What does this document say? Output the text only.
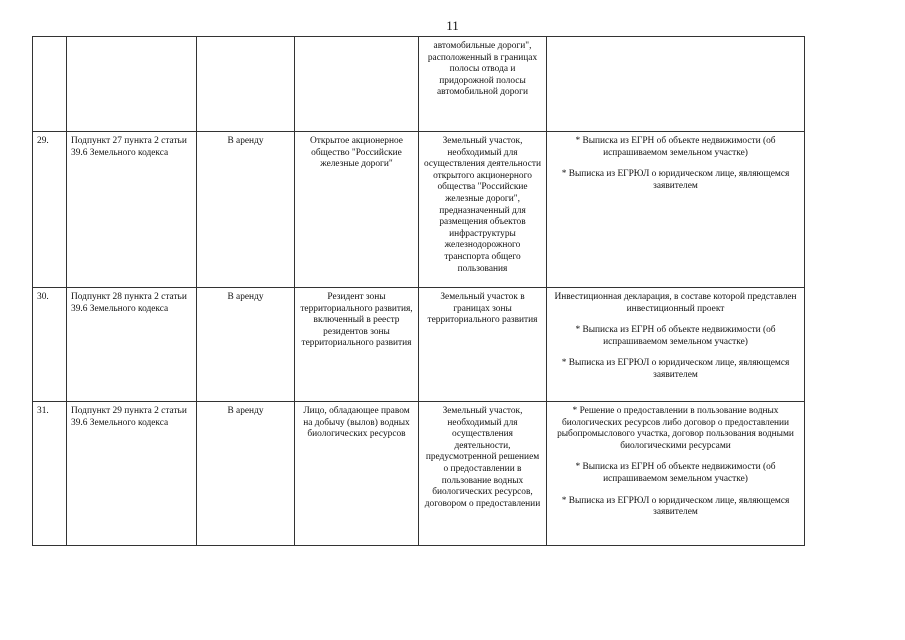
11
				автомобильные дороги", расположенный в границах полосы отвода и придорожной полосы автомобильной дороги	
29.	Подпункт 27 пункта 2 статьи 39.6 Земельного кодекса	В аренду	Открытое акционерное общество "Российские железные дороги"	Земельный участок, необходимый для осуществления деятельности открытого акционерного общества "Российские железные дороги", предназначенный для размещения объектов инфраструктуры железнодорожного транспорта общего пользования	* Выписка из ЕГРН об объекте недвижимости (об испрашиваемом земельном участке)
* Выписка из ЕГРЮЛ о юридическом лице, являющемся заявителем

30.	Подпункт 28 пункта 2 статьи 39.6 Земельного кодекса	В аренду	Резидент зоны территориального развития, включенный в реестр резидентов зоны территориального развития	Земельный участок в границах зоны территориального развития	Инвестиционная декларация, в составе которой представлен инвестиционный проект
* Выписка из ЕГРН об объекте недвижимости (об испрашиваемом земельном участке)
* Выписка из ЕГРЮЛ о юридическом лице, являющемся заявителем

31.	Подпункт 29 пункта 2 статьи 39.6 Земельного кодекса	В аренду	Лицо, обладающее правом на добычу (вылов) водных биологических ресурсов	Земельный участок, необходимый для осуществления деятельности, предусмотренной решением о предоставлении в пользование водных биологических ресурсов, договором о предоставлении	* Решение о предоставлении в пользование водных биологических ресурсов либо договор о предоставлении рыбопромыслового участка, договор пользования водными биологическими ресурсами
* Выписка из ЕГРН об объекте недвижимости (об испрашиваемом земельном участке)
* Выписка из ЕГРЮЛ о юридическом лице, являющемся заявителем
